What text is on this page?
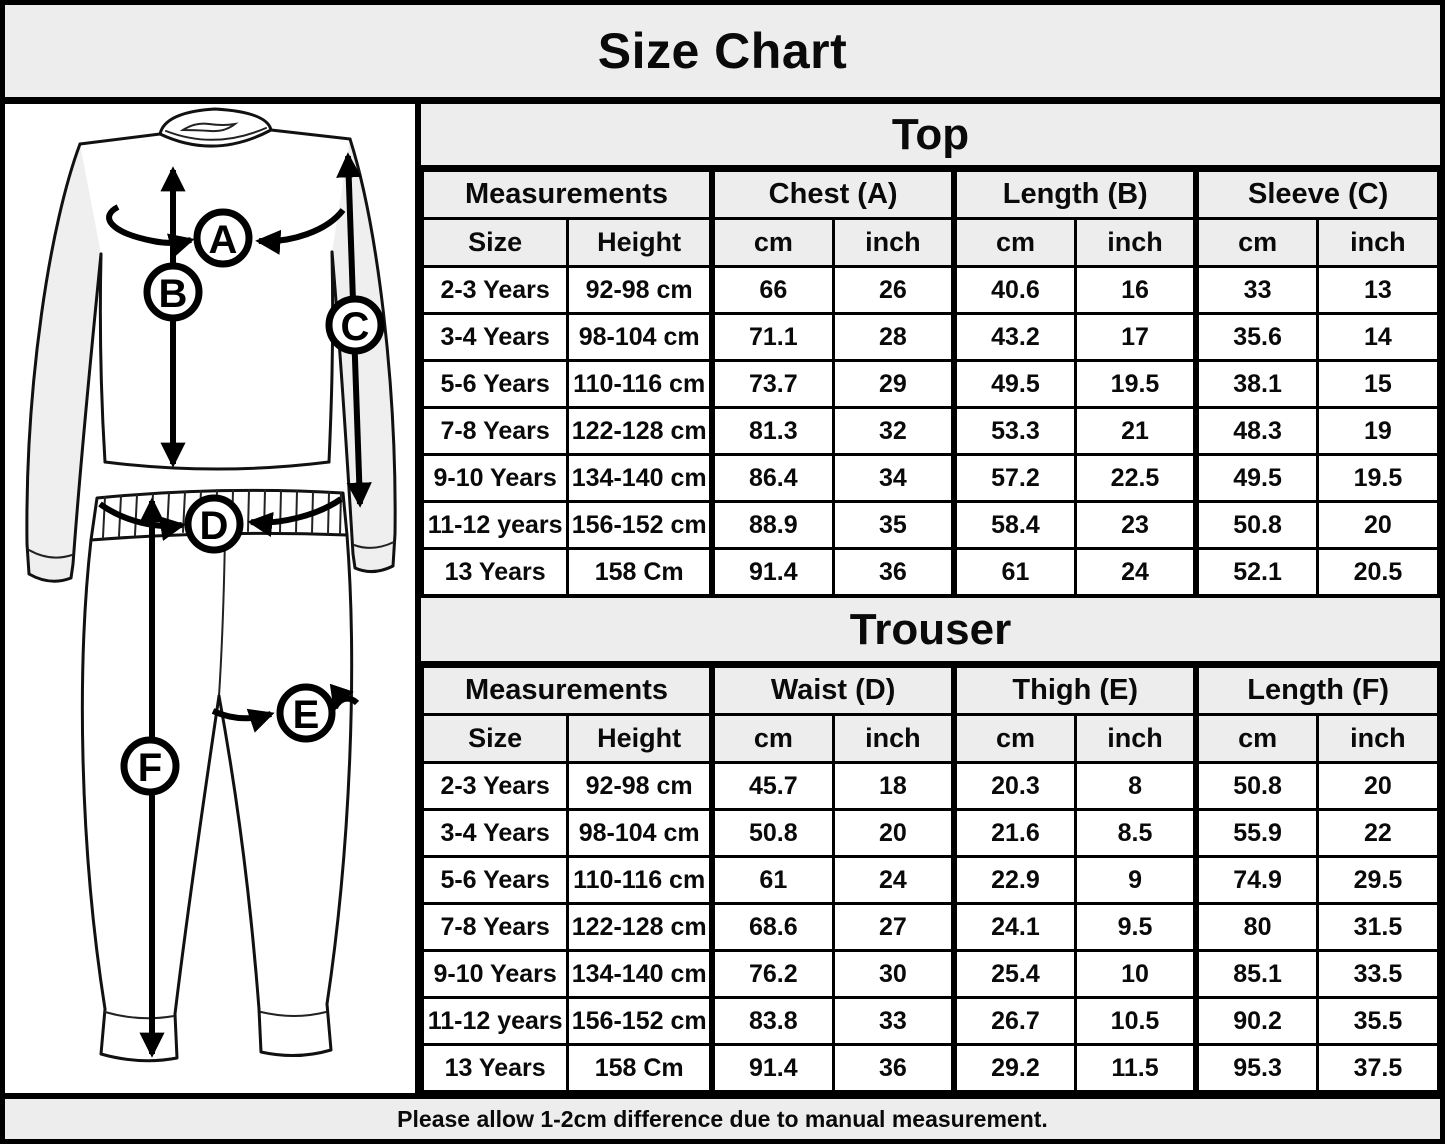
Size Chart
A
B
C
D
E
F
Top
Measurements		Chest (A)		Length (B)		Sleeve (C)	
Size	Height	cm	inch	cm	inch	cm	inch
2-3 Years	92-98 cm	66	26	40.6	16	33	13
3-4 Years	98-104 cm	71.1	28	43.2	17	35.6	14
5-6 Years	110-116 cm	73.7	29	49.5	19.5	38.1	15
7-8 Years	122-128 cm	81.3	32	53.3	21	48.3	19
9-10 Years	134-140 cm	86.4	34	57.2	22.5	49.5	19.5
11-12 years	156-152 cm	88.9	35	58.4	23	50.8	20
13 Years	158 Cm	91.4	36	61	24	52.1	20.5
Trouser
Measurements		Waist (D)		Thigh (E)		Length (F)	
Size	Height	cm	inch	cm	inch	cm	inch
2-3 Years	92-98 cm	45.7	18	20.3	8	50.8	20
3-4 Years	98-104 cm	50.8	20	21.6	8.5	55.9	22
5-6 Years	110-116 cm	61	24	22.9	9	74.9	29.5
7-8 Years	122-128 cm	68.6	27	24.1	9.5	80	31.5
9-10 Years	134-140 cm	76.2	30	25.4	10	85.1	33.5
11-12 years	156-152 cm	83.8	33	26.7	10.5	90.2	35.5
13 Years	158 Cm	91.4	36	29.2	11.5	95.3	37.5
Please allow 1-2cm difference due to manual measurement.
